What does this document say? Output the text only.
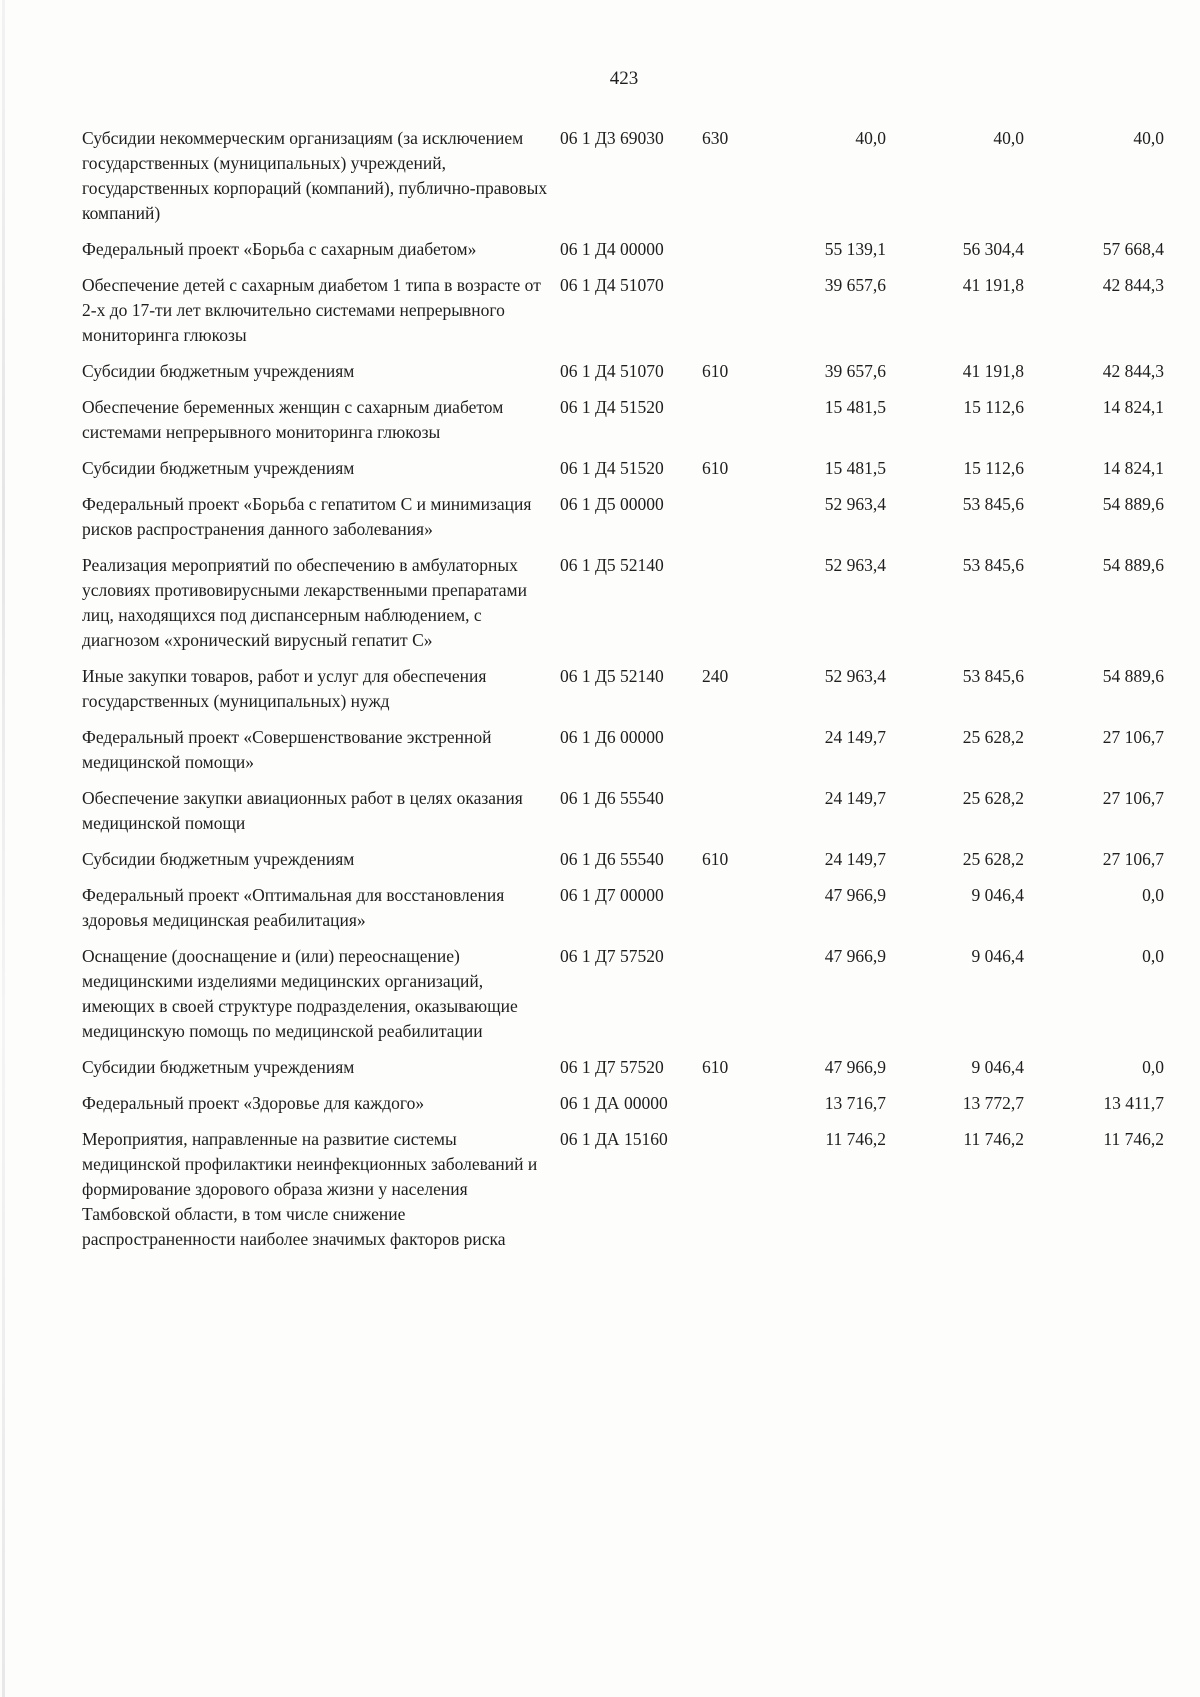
423
Субсидии некоммерческим организациям (за исключением государственных (муниципальных) учреждений, государственных корпораций (компаний), публично-правовых компаний)	06 1 Д3 69030	630	40,0	40,0	40,0
Федеральный проект «Борьба с сахарным диабетом»	06 1 Д4 00000		55 139,1	56 304,4	57 668,4
Обеспечение детей с сахарным диабетом 1 типа в возрасте от 2-х до 17-ти лет включительно системами непрерывного мониторинга глюкозы	06 1 Д4 51070		39 657,6	41 191,8	42 844,3
Субсидии бюджетным учреждениям	06 1 Д4 51070	610	39 657,6	41 191,8	42 844,3
Обеспечение беременных женщин с сахарным диабетом системами непрерывного мониторинга глюкозы	06 1 Д4 51520		15 481,5	15 112,6	14 824,1
Субсидии бюджетным учреждениям	06 1 Д4 51520	610	15 481,5	15 112,6	14 824,1
Федеральный проект «Борьба с гепатитом С и минимизация рисков распространения данного заболевания»	06 1 Д5 00000		52 963,4	53 845,6	54 889,6
Реализация мероприятий по обеспечению в амбулаторных условиях противовирусными лекарственными препаратами лиц, находящихся под диспансерным наблюдением, с диагнозом «хронический вирусный гепатит С»	06 1 Д5 52140		52 963,4	53 845,6	54 889,6
Иные закупки товаров, работ и услуг для обеспечения государственных (муниципальных) нужд	06 1 Д5 52140	240	52 963,4	53 845,6	54 889,6
Федеральный проект «Совершенствование экстренной медицинской помощи»	06 1 Д6 00000		24 149,7	25 628,2	27 106,7
Обеспечение закупки авиационных работ в целях оказания медицинской помощи	06 1 Д6 55540		24 149,7	25 628,2	27 106,7
Субсидии бюджетным учреждениям	06 1 Д6 55540	610	24 149,7	25 628,2	27 106,7
Федеральный проект «Оптимальная для восстановления здоровья медицинская реабилитация»	06 1 Д7 00000		47 966,9	9 046,4	0,0
Оснащение (дооснащение и (или) переоснащение) медицинскими изделиями медицинских организаций, имеющих в своей структуре подразделения, оказывающие медицинскую помощь по медицинской реабилитации	06 1 Д7 57520		47 966,9	9 046,4	0,0
Субсидии бюджетным учреждениям	06 1 Д7 57520	610	47 966,9	9 046,4	0,0
Федеральный проект «Здоровье для каждого»	06 1 ДА 00000		13 716,7	13 772,7	13 411,7
Мероприятия, направленные на развитие системы медицинской профилактики неинфекционных заболеваний и формирование здорового образа жизни у населения Тамбовской области, в том числе снижение распространенности наиболее значимых факторов риска	06 1 ДА 15160		11 746,2	11 746,2	11 746,2
